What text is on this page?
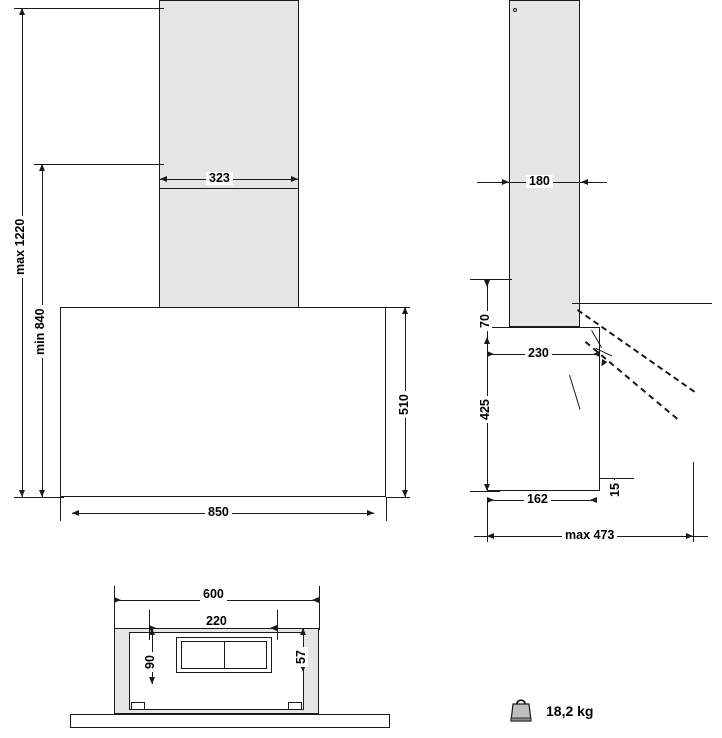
323
850
510
max 1220
min 840
180
70
230
425
162
15
max 473
600
220
90	57
18,2 kg
